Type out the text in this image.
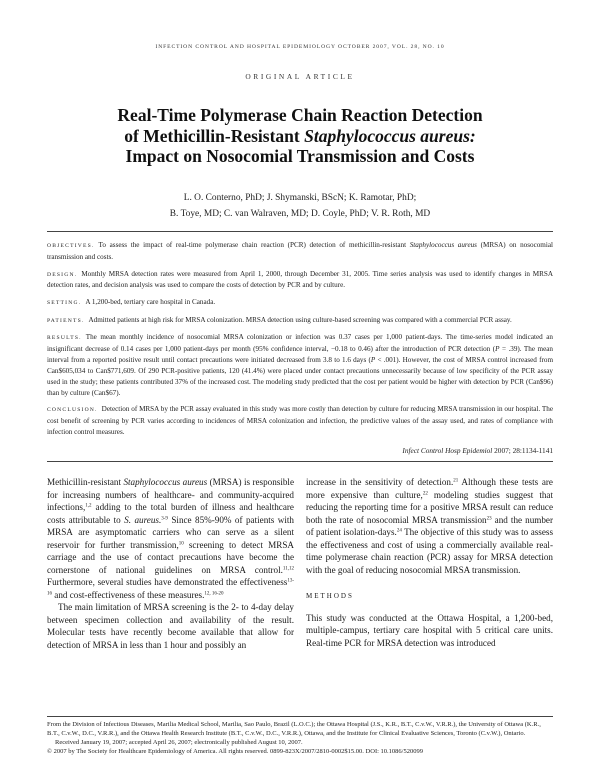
INFECTION CONTROL AND HOSPITAL EPIDEMIOLOGY OCTOBER 2007, VOL. 28, NO. 10
ORIGINAL ARTICLE
Real-Time Polymerase Chain Reaction Detection
of Methicillin-Resistant Staphylococcus aureus:
Impact on Nosocomial Transmission and Costs
L. O. Conterno, PhD; J. Shymanski, BScN; K. Ramotar, PhD;
B. Toye, MD; C. van Walraven, MD; D. Coyle, PhD; V. R. Roth, MD

OBJECTIVES. To assess the impact of real-time polymerase chain reaction (PCR) detection of methicillin-resistant Staphylococcus aureus (MRSA) on nosocomial transmission and costs.

DESIGN. Monthly MRSA detection rates were measured from April 1, 2000, through December 31, 2005. Time series analysis was used to identify changes in MRSA detection rates, and decision analysis was used to compare the costs of detection by PCR and by culture.

SETTING. A 1,200-bed, tertiary care hospital in Canada.

PATIENTS. Admitted patients at high risk for MRSA colonization. MRSA detection using culture-based screening was compared with a commercial PCR assay.

RESULTS. The mean monthly incidence of nosocomial MRSA colonization or infection was 0.37 cases per 1,000 patient-days. The time-series model indicated an insignificant decrease of 0.14 cases per 1,000 patient-days per month (95% confidence interval, −0.18 to 0.46) after the introduction of PCR detection (P = .39). The mean interval from a reported positive result until contact precautions were initiated decreased from 3.8 to 1.6 days (P < .001). However, the cost of MRSA control increased from Can$605,034 to Can$771,609. Of 290 PCR-positive patients, 120 (41.4%) were placed under contact precautions unnecessarily because of low specificity of the PCR assay used in the study; these patients contributed 37% of the increased cost. The modeling study predicted that the cost per patient would be higher with detection by PCR (Can$96) than by culture (Can$67).

CONCLUSION. Detection of MRSA by the PCR assay evaluated in this study was more costly than detection by culture for reducing MRSA transmission in our hospital. The cost benefit of screening by PCR varies according to incidences of MRSA colonization and infection, the predictive values of the assay used, and rates of compliance with infection control measures.

Infect Control Hosp Epidemiol 2007; 28:1134-1141

Methicillin-resistant Staphylococcus aureus (MRSA) is responsible for increasing numbers of healthcare- and community-acquired infections,$^{1,2}$ adding to the total burden of illness and healthcare costs attributable to S. aureus.$^{3-9}$ Since 85%-90% of patients with MRSA are asymptomatic carriers who can serve as a silent reservoir for further transmission,$^{10}$ screening to detect MRSA carriage and the use of contact precautions have become the cornerstone of national guidelines on MRSA control.$^{11,12}$ Furthermore, several studies have demonstrated the effectiveness$^{13-16}$ and cost-effectiveness of these measures.$^{12, 16-20}$

The main limitation of MRSA screening is the 2- to 4-day delay between specimen collection and availability of the result. Molecular tests have recently become available that allow for detection of MRSA in less than 1 hour and possibly an

increase in the sensitivity of detection.$^{21}$ Although these tests are more expensive than culture,$^{22}$ modeling studies suggest that reducing the reporting time for a positive MRSA result can reduce both the rate of nosocomial MRSA transmission$^{23}$ and the number of patient isolation-days.$^{24}$ The objective of this study was to assess the effectiveness and cost of using a commercially available real-time polymerase chain reaction (PCR) assay for MRSA detection with the goal of reducing nosocomial MRSA transmission.

METHODS

This study was conducted at the Ottawa Hospital, a 1,200-bed, multiple-campus, tertiary care hospital with 5 critical care units. Real-time PCR for MRSA detection was introduced

From the Division of Infectious Diseases, Marilia Medical School, Marilia, Sao Paulo, Brazil (L.O.C.); the Ottawa Hospital (J.S., K.R., B.T., C.v.W., V.R.R.), the University of Ottawa (K.R., B.T., C.v.W., D.C., V.R.R.), and the Ottawa Health Research Institute (B.T., C.v.W., D.C., V.R.R.), Ottawa, and the Institute for Clinical Evaluative Sciences, Toronto (C.v.W.), Ontario.

Received January 19, 2007; accepted April 26, 2007; electronically published August 10, 2007.

© 2007 by The Society for Healthcare Epidemiology of America. All rights reserved. 0899-823X/2007/2810-0002$15.00. DOI: 10.1086/520099
